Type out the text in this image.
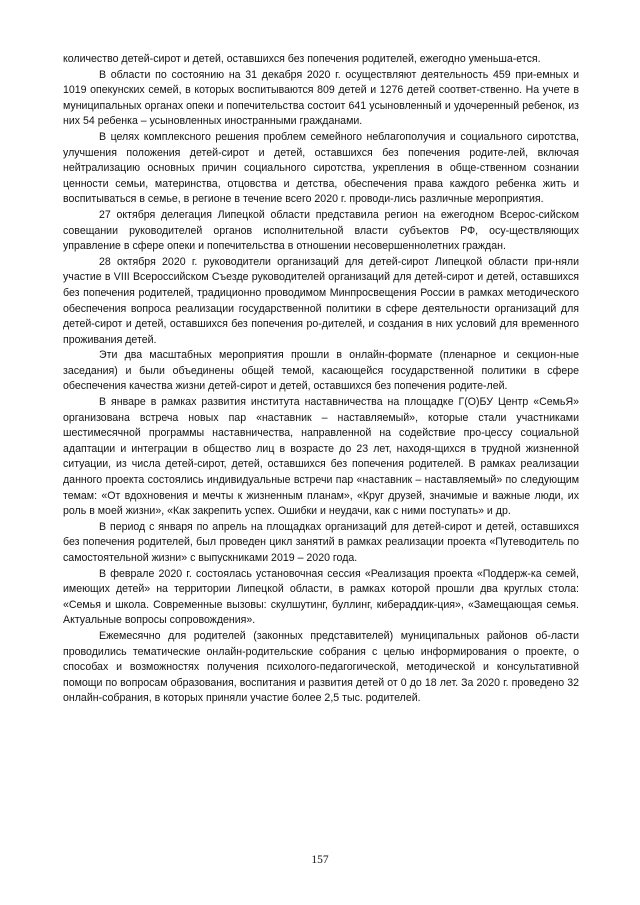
количество детей-сирот и детей, оставшихся без попечения родителей, ежегодно уменьша-ется.

В области по состоянию на 31 декабря 2020 г. осуществляют деятельность 459 при-емных и 1019 опекунских семей, в которых воспитываются 809 детей и 1276 детей соответ-ственно. На учете в муниципальных органах опеки и попечительства состоит 641 усыновленный и удочеренный ребенок, из них 54 ребенка – усыновленных иностранными гражданами.

В целях комплексного решения проблем семейного неблагополучия и социального сиротства, улучшения положения детей-сирот и детей, оставшихся без попечения родите-лей, включая нейтрализацию основных причин социального сиротства, укрепления в обще-ственном сознании ценности семьи, материнства, отцовства и детства, обеспечения права каждого ребенка жить и воспитываться в семье, в регионе в течение всего 2020 г. проводи-лись различные мероприятия.

27 октября делегация Липецкой области представила регион на ежегодном Всерос-сийском совещании руководителей органов исполнительной власти субъектов РФ, осу-ществляющих управление в сфере опеки и попечительства в отношении несовершеннолетних граждан.

28 октября 2020 г. руководители организаций для детей-сирот Липецкой области при-няли участие в VIII Всероссийском Съезде руководителей организаций для детей-сирот и детей, оставшихся без попечения родителей, традиционно проводимом Минпросвещения России в рамках методического обеспечения вопроса реализации государственной политики в сфере деятельности организаций для детей-сирот и детей, оставшихся без попечения ро-дителей, и создания в них условий для временного проживания детей.

Эти два масштабных мероприятия прошли в онлайн-формате (пленарное и секцион-ные заседания) и были объединены общей темой, касающейся государственной политики в сфере обеспечения качества жизни детей-сирот и детей, оставшихся без попечения родите-лей.

В январе в рамках развития института наставничества на площадке Г(О)БУ Центр «СемьЯ» организована встреча новых пар «наставник – наставляемый», которые стали участниками шестимесячной программы наставничества, направленной на содействие про-цессу социальной адаптации и интеграции в общество лиц в возрасте до 23 лет, находя-щихся в трудной жизненной ситуации, из числа детей-сирот, детей, оставшихся без попечения родителей. В рамках реализации данного проекта состоялись индивидуальные встречи пар «наставник – наставляемый» по следующим темам: «От вдохновения и мечты к жизненным планам», «Круг друзей, значимые и важные люди, их роль в моей жизни», «Как закрепить успех. Ошибки и неудачи, как с ними поступать» и др.

В период с января по апрель на площадках организаций для детей-сирот и детей, оставшихся без попечения родителей, был проведен цикл занятий в рамках реализации проекта «Путеводитель по самостоятельной жизни» с выпускниками 2019 – 2020 года.

В феврале 2020 г. состоялась установочная сессия «Реализация проекта «Поддерж-ка семей, имеющих детей» на территории Липецкой области, в рамках которой прошли два круглых стола: «Семья и школа. Современные вызовы: скулшутинг, буллинг, кибераддик-ция», «Замещающая семья. Актуальные вопросы сопровождения».

Ежемесячно для родителей (законных представителей) муниципальных районов об-ласти проводились тематические онлайн-родительские собрания с целью информирования о проекте, о способах и возможностях получения психолого-педагогической, методической и консультативной помощи по вопросам образования, воспитания и развития детей от 0 до 18 лет. За 2020 г. проведено 32 онлайн-собрания, в которых приняли участие более 2,5 тыс. родителей.

157
